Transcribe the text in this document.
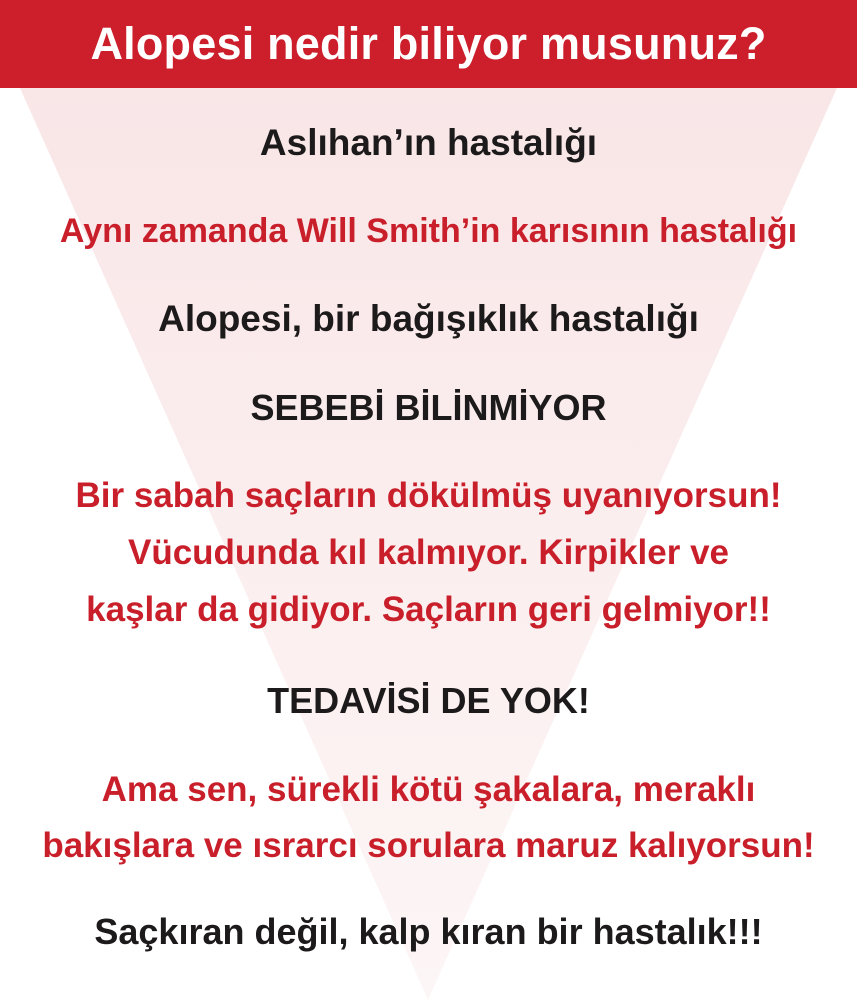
Alopesi nedir biliyor musunuz?
Aslıhan’ın hastalığı
Aynı zamanda Will Smith’in karısının hastalığı
Alopesi, bir bağışıklık hastalığı
SEBEBİ BİLİNMİYOR
Bir sabah saçların dökülmüş uyanıyorsun!
Vücudunda kıl kalmıyor. Kirpikler ve
kaşlar da gidiyor. Saçların geri gelmiyor!!
TEDAVİSİ DE YOK!
Ama sen, sürekli kötü şakalara, meraklı
bakışlara ve ısrarcı sorulara maruz kalıyorsun!
Saçkıran değil, kalp kıran bir hastalık!!!
